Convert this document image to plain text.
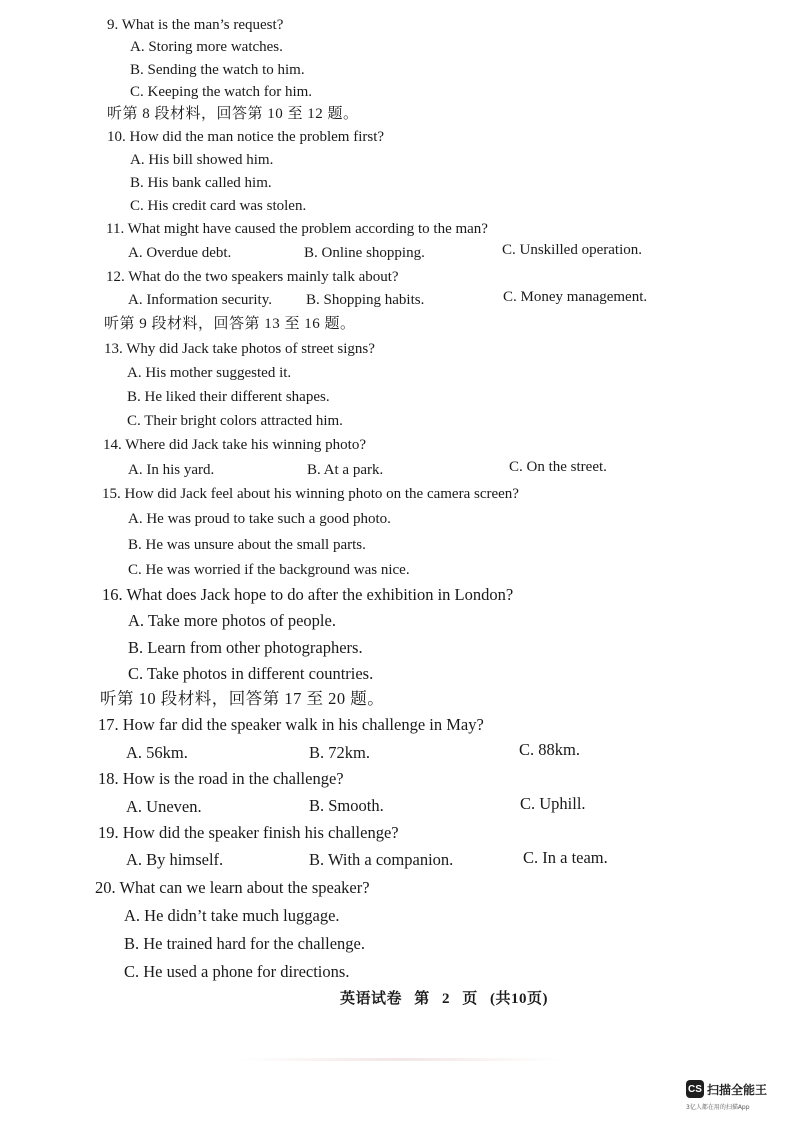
9. What is the man’s request?
A. Storing more watches.
B. Sending the watch to him.
C. Keeping the watch for him.
听第 8 段材料，回答第 10 至 12 题。
10. How did the man notice the problem first?
A. His bill showed him.
B. His bank called him.
C. His credit card was stolen.
11. What might have caused the problem according to the man?
A. Overdue debt.	B. Online shopping.	C. Unskilled operation.
12. What do the two speakers mainly talk about?
A. Information security. B. Shopping habits.	C. Money management.
听第 9 段材料，回答第 13 至 16 题。
13. Why did Jack take photos of street signs?
A. His mother suggested it.
B. He liked their different shapes.
C. Their bright colors attracted him.
14. Where did Jack take his winning photo?
A. In his yard.	B. At a park.	C. On the street.
15. How did Jack feel about his winning photo on the camera screen?
A. He was proud to take such a good photo.
B. He was unsure about the small parts.
C. He was worried if the background was nice.
16. What does Jack hope to do after the exhibition in London?
A. Take more photos of people.
B. Learn from other photographers.
C. Take photos in different countries.
听第 10 段材料，回答第 17 至 20 题。
17. How far did the speaker walk in his challenge in May?
A. 56km.	B. 72km.	C. 88km.
18. How is the road in the challenge?
A. Uneven.	B. Smooth.	C. Uphill.
19. How did the speaker finish his challenge?
A. By himself.	B. With a companion.	C. In a team.
20. What can we learn about the speaker?
A. He didn’t take much luggage.
B. He trained hard for the challenge.
C. He used a phone for directions.
英语试卷 第 2 页 (共10页)
CS 扫描全能王
3亿人都在用的扫描App
